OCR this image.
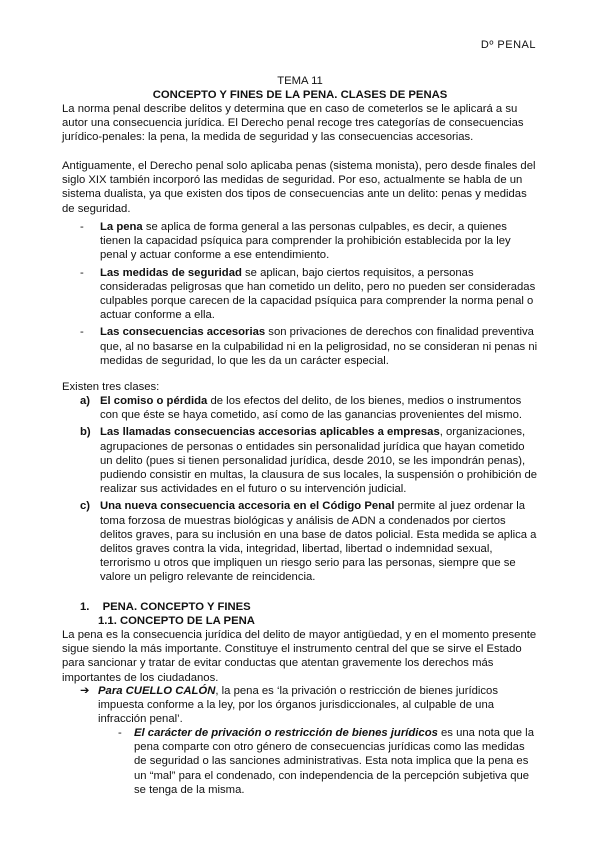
Dº PENAL
TEMA 11
CONCEPTO Y FINES DE LA PENA. CLASES DE PENAS

La norma penal describe delitos y determina que en caso de cometerlos se le aplicará a su autor una consecuencia jurídica. El Derecho penal recoge tres categorías de consecuencias jurídico-penales: la pena, la medida de seguridad y las consecuencias accesorias.

Antiguamente, el Derecho penal solo aplicaba penas (sistema monista), pero desde finales del siglo XIX también incorporó las medidas de seguridad. Por eso, actualmente se habla de un sistema dualista, ya que existen dos tipos de consecuencias ante un delito: penas y medidas de seguridad.

- La pena se aplica de forma general a las personas culpables, es decir, a quienes tienen la capacidad psíquica para comprender la prohibición establecida por la ley penal y actuar conforme a ese entendimiento.
- Las medidas de seguridad se aplican, bajo ciertos requisitos, a personas consideradas peligrosas que han cometido un delito, pero no pueden ser consideradas culpables porque carecen de la capacidad psíquica para comprender la norma penal o actuar conforme a ella.
- Las consecuencias accesorias son privaciones de derechos con finalidad preventiva que, al no basarse en la culpabilidad ni en la peligrosidad, no se consideran ni penas ni medidas de seguridad, lo que les da un carácter especial.

Existen tres clases:

a) El comiso o pérdida de los efectos del delito, de los bienes, medios o instrumentos con que éste se haya cometido, así como de las ganancias provenientes del mismo.
b) Las llamadas consecuencias accesorias aplicables a empresas, organizaciones, agrupaciones de personas o entidades sin personalidad jurídica que hayan cometido un delito (pues si tienen personalidad jurídica, desde 2010, se les impondrán penas), pudiendo consistir en multas, la clausura de sus locales, la suspensión o prohibición de realizar sus actividades en el futuro o su intervención judicial.
c) Una nueva consecuencia accesoria en el Código Penal permite al juez ordenar la toma forzosa de muestras biológicas y análisis de ADN a condenados por ciertos delitos graves, para su inclusión en una base de datos policial. Esta medida se aplica a delitos graves contra la vida, integridad, libertad, libertad o indemnidad sexual, terrorismo u otros que impliquen un riesgo serio para las personas, siempre que se valore un peligro relevante de reincidencia.
1. PENA. CONCEPTO Y FINES
1.1. CONCEPTO DE LA PENA

La pena es la consecuencia jurídica del delito de mayor antigüedad, y en el momento presente sigue siendo la más importante. Constituye el instrumento central del que se sirve el Estado para sancionar y tratar de evitar conductas que atentan gravemente los derechos más importantes de los ciudadanos.

➔ Para CUELLO CALÓN, la pena es ‘la privación o restricción de bienes jurídicos impuesta conforme a la ley, por los órganos jurisdiccionales, al culpable de una infracción penal’.
- El carácter de privación o restricción de bienes jurídicos es una nota que la pena comparte con otro género de consecuencias jurídicas como las medidas de seguridad o las sanciones administrativas. Esta nota implica que la pena es un “mal” para el condenado, con independencia de la percepción subjetiva que se tenga de la misma.
